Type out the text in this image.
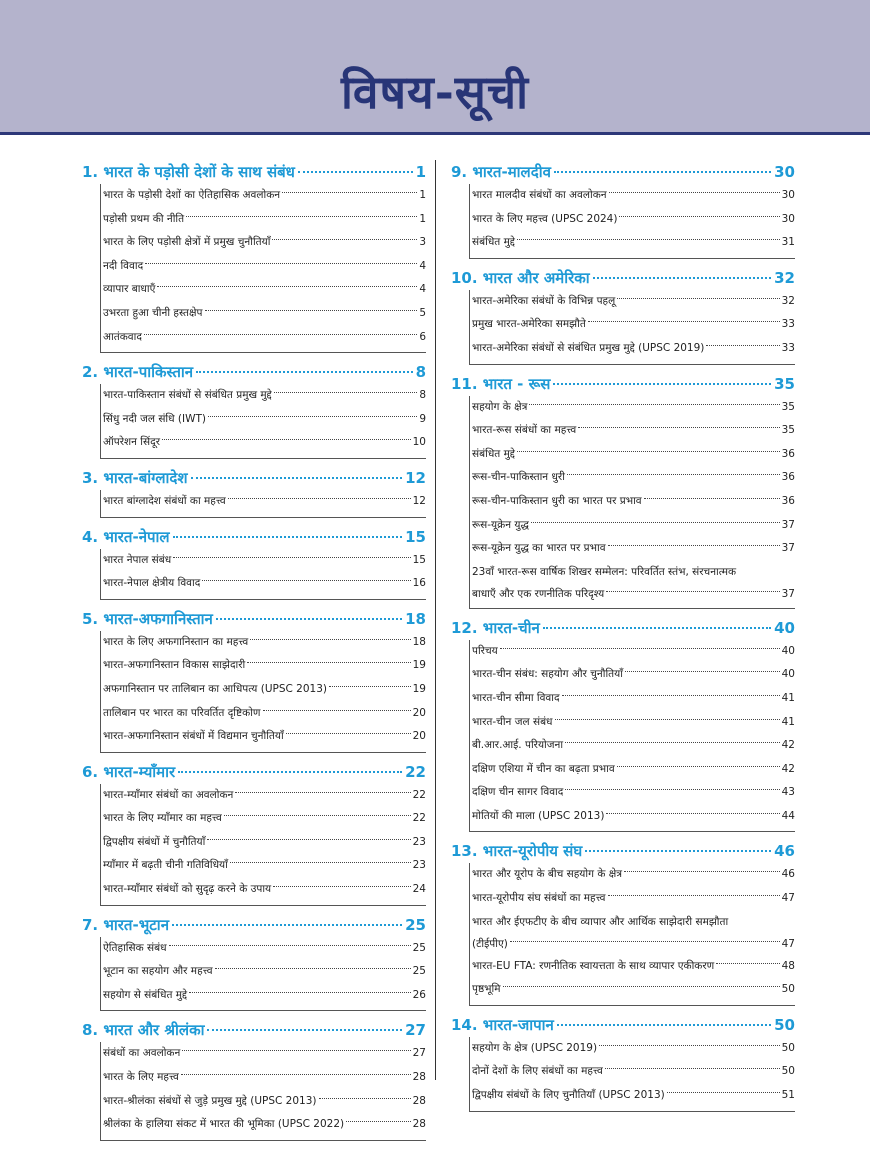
विषय-सूची
1. भारत के पड़ोसी देशों के साथ संबंध	1
भारत के पड़ोसी देशों का ऐतिहासिक अवलोकन	1
पड़ोसी प्रथम की नीति	1
भारत के लिए पड़ोसी क्षेत्रों में प्रमुख चुनौतियाँ	3
नदी विवाद	4
व्यापार बाधाएँ	4
उभरता हुआ चीनी हस्तक्षेप	5
आतंकवाद	6
2. भारत-पाकिस्तान	8
भारत-पाकिस्तान संबंधों से संबंधित प्रमुख मुद्दे	8
सिंधु नदी जल संधि (IWT)	9
ऑपरेशन सिंदूर	10
3. भारत-बांग्लादेश	12
भारत बांग्लादेश संबंधों का महत्त्व	12
4. भारत-नेपाल	15
भारत नेपाल संबंध	15
भारत-नेपाल क्षेत्रीय विवाद	16
5. भारत-अफगानिस्तान	18
भारत के लिए अफगानिस्तान का महत्त्व	18
भारत-अफगानिस्तान विकास साझेदारी	19
अफगानिस्तान पर तालिबान का आधिपत्य (UPSC 2013)	19
तालिबान पर भारत का परिवर्तित दृष्टिकोण	20
भारत-अफगानिस्तान संबंधों में विद्यमान चुनौतियाँ	20
6. भारत-म्याँमार	22
भारत-म्याँमार संबंधों का अवलोकन	22
भारत के लिए म्याँमार का महत्त्व	22
द्विपक्षीय संबंधों में चुनौतियाँ	23
म्याँमार में बढ़ती चीनी गतिविधियाँ	23
भारत-म्याँमार संबंधों को सुदृढ़ करने के उपाय	24
7. भारत-भूटान	25
ऐतिहासिक संबंध	25
भूटान का सहयोग और महत्त्व	25
सहयोग से संबंधित मुद्दे	26
8. भारत और श्रीलंका	27
संबंधों का अवलोकन	27
भारत के लिए महत्त्व	28
भारत-श्रीलंका संबंधों से जुड़े प्रमुख मुद्दे (UPSC 2013)	28
श्रीलंका के हालिया संकट में भारत की भूमिका (UPSC 2022)	28
9. भारत-मालदीव	30
भारत मालदीव संबंधों का अवलोकन	30
भारत के लिए महत्त्व (UPSC 2024)	30
संबंधित मुद्दे	31
10. भारत और अमेरिका	32
भारत-अमेरिका संबंधों के विभिन्न पहलू	32
प्रमुख भारत-अमेरिका समझौते	33
भारत-अमेरिका संबंधों से संबंधित प्रमुख मुद्दे (UPSC 2019)	33
11. भारत - रूस	35
सहयोग के क्षेत्र	35
भारत-रूस संबंधों का महत्त्व	35
संबंधित मुद्दे	36
रूस-चीन-पाकिस्तान धुरी	36
रूस-चीन-पाकिस्तान धुरी का भारत पर प्रभाव	36
रूस-यूक्रेन युद्ध	37
रूस-यूक्रेन युद्ध का भारत पर प्रभाव	37
23वाँ भारत-रूस वार्षिक शिखर सम्मेलन: परिवर्तित स्तंभ, संरचनात्मक
बाधाएँ और एक रणनीतिक परिदृश्य	37
12. भारत-चीन	40
परिचय	40
भारत-चीन संबंध: सहयोग और चुनौतियाँ	40
भारत-चीन सीमा विवाद	41
भारत-चीन जल संबंध	41
बी.आर.आई. परियोजना	42
दक्षिण एशिया में चीन का बढ़ता प्रभाव	42
दक्षिण चीन सागर विवाद	43
मोतियों की माला (UPSC 2013)	44
13. भारत-यूरोपीय संघ	46
भारत और यूरोप के बीच सहयोग के क्षेत्र	46
भारत-यूरोपीय संघ संबंधों का महत्त्व	47
भारत और ईएफटीए के बीच व्यापार और आर्थिक साझेदारी समझौता
(टीईपीए)	47
भारत-EU FTA: रणनीतिक स्वायत्तता के साथ व्यापार एकीकरण	48
पृष्ठभूमि	50
14. भारत-जापान	50
सहयोग के क्षेत्र (UPSC 2019)	50
दोनों देशों के लिए संबंधों का महत्त्व	50
द्विपक्षीय संबंधों के लिए चुनौतियाँ (UPSC 2013)	51
